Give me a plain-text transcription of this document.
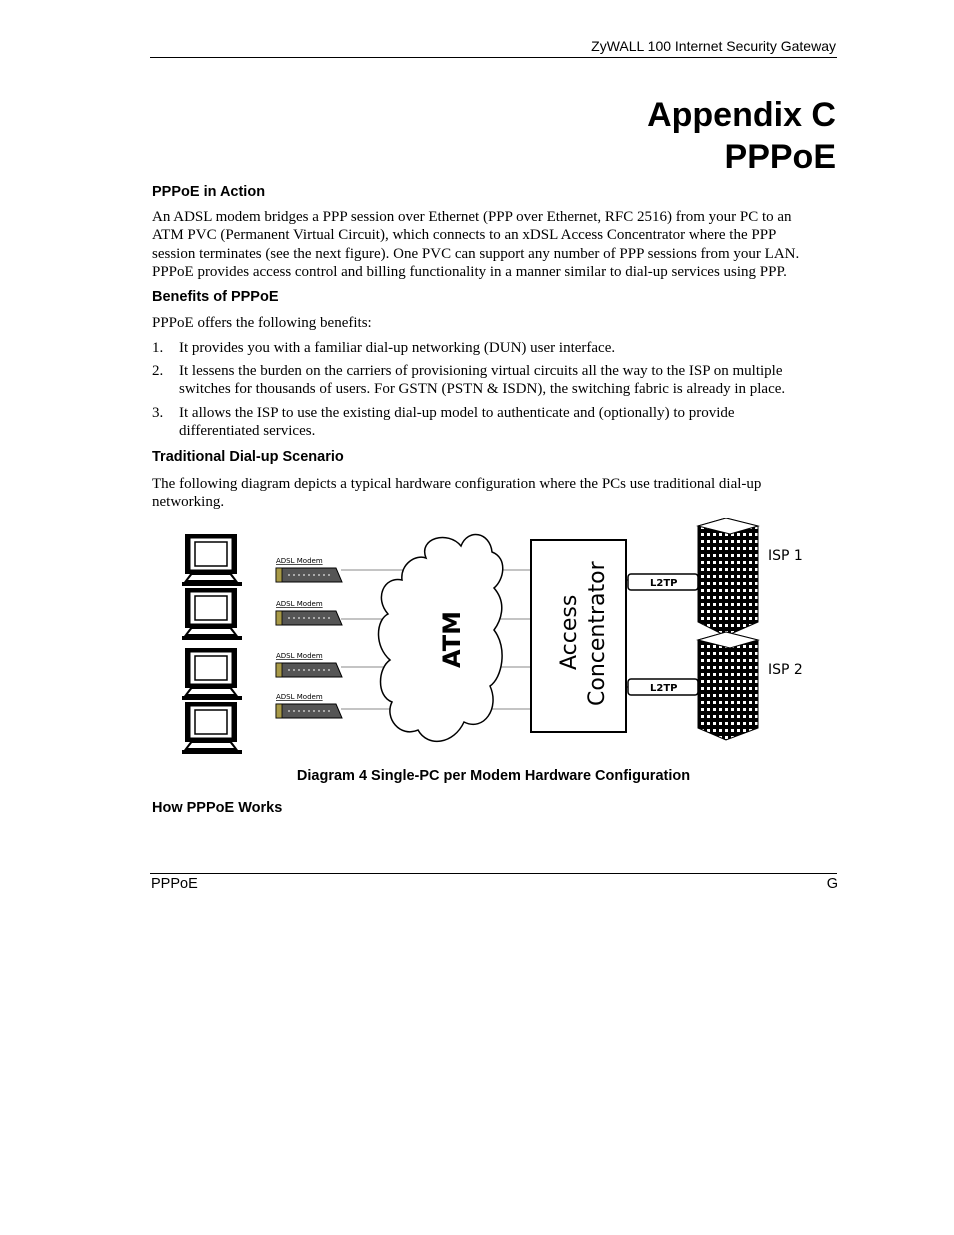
ZyWALL 100 Internet Security Gateway
Appendix C
PPPoE
PPPoE in Action
An ADSL modem bridges a PPP session over Ethernet (PPP over Ethernet, RFC 2516) from your PC to an
ATM PVC (Permanent Virtual Circuit), which connects to an xDSL Access Concentrator where the PPP
session terminates (see the next figure). One PVC can support any number of PPP sessions from your LAN.
PPPoE provides access control and billing functionality in a manner similar to dial-up services using PPP.
Benefits of PPPoE
PPPoE offers the following benefits:
1.	It provides you with a familiar dial-up networking (DUN) user interface.
2.	It lessens the burden on the carriers of provisioning virtual circuits all the way to the ISP on multiple
switches for thousands of users. For GSTN (PSTN & ISDN), the switching fabric is already in place.
3.	It allows the ISP to use the existing dial-up model to authenticate and (optionally) to provide
differentiated services.
Traditional Dial-up Scenario
The following diagram depicts a typical hardware configuration where the PCs use traditional dial-up
networking.
ADSL Modem
ADSL Modem
ADSL Modem
ADSL Modem
ATM	Access Concentrator	L2TP
L2TP
ISP 1
ISP 2
Diagram 4 Single-PC per Modem Hardware Configuration
How PPPoE Works
PPPoE	G
